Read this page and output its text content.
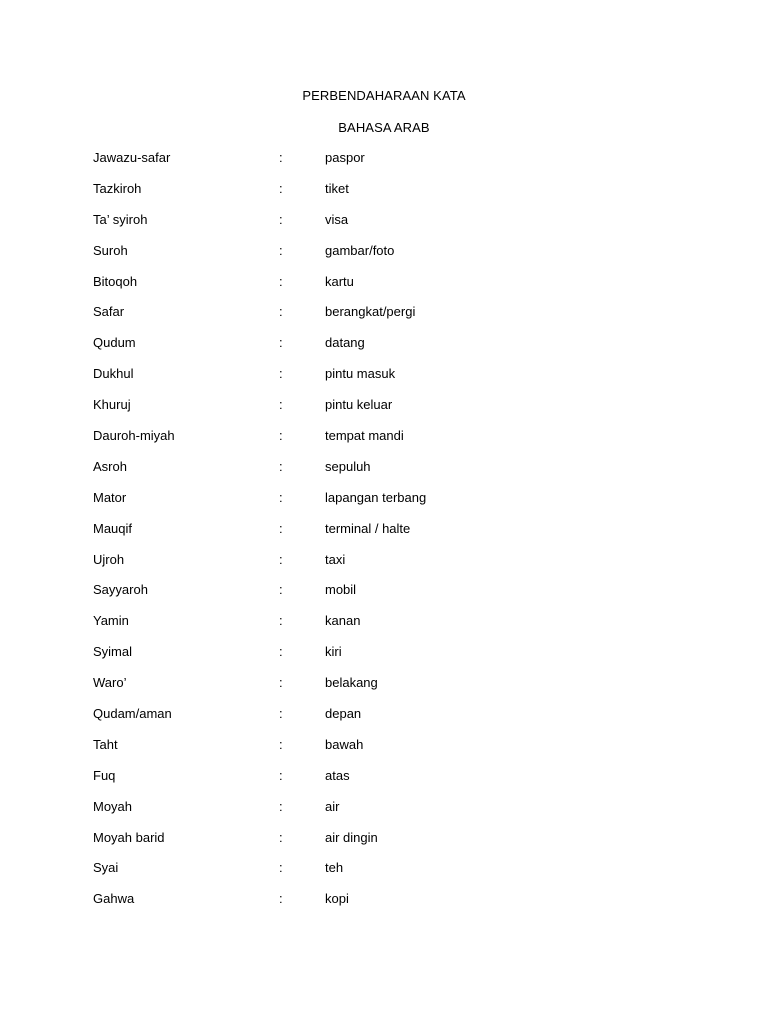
PERBENDAHARAAN KATA
BAHASA ARAB
Jawazu-safar	:	paspor
Tazkiroh	:	tiket
Ta’ syiroh	:	visa
Suroh	:	gambar/foto
Bitoqoh	:	kartu
Safar	:	berangkat/pergi
Qudum	:	datang
Dukhul	:	pintu masuk
Khuruj	:	pintu keluar
Dauroh-miyah	:	tempat mandi
Asroh	:	sepuluh
Mator	:	lapangan terbang
Mauqif	:	terminal / halte
Ujroh	:	taxi
Sayyaroh	:	mobil
Yamin	:	kanan
Syimal	:	kiri
Waro’	:	belakang
Qudam/aman	:	depan
Taht	:	bawah
Fuq	:	atas
Moyah	:	air
Moyah barid	:	air dingin
Syai	:	teh
Gahwa	:	kopi
